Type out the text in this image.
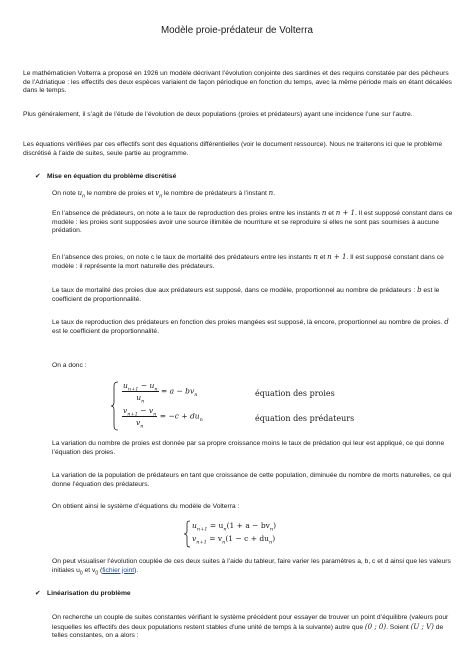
Modèle proie-prédateur de Volterra

Le mathématicien Volterra a proposé en 1926 un modèle décrivant l’évolution conjointe des sardines et des requins constatée par des pêcheurs de l’Adriatique : les effectifs des deux espèces variaient de façon périodique en fonction du temps, avec la même période mais en étant décalées dans le temps.

Plus généralement, il s’agit de l’étude de l’évolution de deux populations (proies et prédateurs) ayant une incidence l’une sur l’autre.

Les équations vérifiées par ces effectifs sont des équations différentielles (voir le document ressource). Nous ne traiterons ici que le problème discrétisé à l’aide de suites, seule partie au programme.

✔ Mise en équation du problème discrétisé

On note $u_n$ le nombre de proies et $v_n$ le nombre de prédateurs à l’instant n.

En l’absence de prédateurs, on note a le taux de reproduction des proies entre les instants n et n + 1. Il est supposé constant dans ce modèle : les proies sont supposées avoir une source illimitée de nourriture et se reproduire si elles ne sont pas soumises à aucune prédation.

En l’absence des proies, on note c le taux de mortalité des prédateurs entre les instants n et n + 1. Il est supposé constant dans ce modèle : il représente la mort naturelle des prédateurs.

Le taux de mortalité des proies due aux prédateurs est supposé, dans ce modèle, proportionnel au nombre de prédateurs : b est le coefficient de proportionnalité.

Le taux de reproduction des prédateurs en fonction des proies mangées est supposé, là encore, proportionnel au nombre de proies. d est le coefficient de proportionnalité.

On a donc :

$\frac{u_{n+1} - u_n}{u_n} = a - bv_n$
$\frac{v_{n+1} - v_n}{v_n} = -c + du_n$
équation des proies
équation des prédateurs

La variation du nombre de proies est donnée par sa propre croissance moins le taux de prédation qui leur est appliqué, ce qui donne l’équation des proies.

La variation de la population de prédateurs en tant que croissance de cette population, diminuée du nombre de morts naturelles, ce qui donne l’équation des prédateurs.

On obtient ainsi le système d’équations du modèle de Volterra :

$u_{n+1} = u_n(1 + a - bv_n)$
$v_{n+1} = v_n(1 - c + du_n)$

On peut visualiser l’évolution couplée de ces deux suites à l’aide du tableur, faire varier les paramètres a, b, c et d ainsi que les valeurs initiales $u_0$ et $v_0$ (fichier joint).

✔ Linéarisation du problème

On recherche un couple de suites constantes vérifiant le système précédent pour essayer de trouver un point d’équilibre (valeurs pour lesquelles les effectifs des deux populations restent stables d’une unité de temps à la suivante) autre que (0 ; 0). Soient (U ; V) de telles constantes, on a alors :
